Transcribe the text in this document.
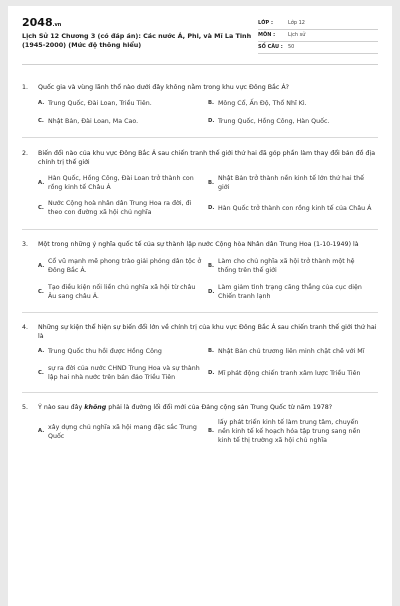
2048.vn
Lịch Sử 12 Chương 3 (có đáp án): Các nước Á, Phi, và Mĩ La Tinh (1945-2000) (Mức độ thông hiểu)
LỚP :	Lớp 12
MÔN :	Lịch sử
SỐ CÂU :	50
1.	Quốc gia và vùng lãnh thổ nào dưới đây không nằm trong khu vực Đông Bắc Á?
A. Trung Quốc, Đài Loan, Triều Tiên.	B. Mông Cổ, Ấn Độ, Thổ Nhĩ Kì.
C. Nhật Bản, Đài Loan, Ma Cao.	D. Trung Quốc, Hồng Công, Hàn Quốc.
2.	Biến đổi nào của khu vực Đông Bắc Á sau chiến tranh thế giới thứ hai đã góp phần làm thay đổi bản đồ địa chính trị thế giới
A.
Hàn Quốc, Hồng Công, Đài Loan trở thành con rồng kinh tế Châu Á
B.
Nhật Bản trở thành nền kinh tế lớn thứ hai thế giới
C.
Nước Cộng hoà nhân dân Trung Hoa ra đời, đi theo con đường xã hội chủ nghĩa
D. Hàn Quốc trở thành con rồng kinh tế của Châu Á
3.	Một trong những ý nghĩa quốc tế của sự thành lập nước Cộng hòa Nhân dân Trung Hoa (1-10-1949) là
A.
Cổ vũ mạnh mẽ phong trào giải phóng dân tộc ở Đông Bắc Á.
B.
Làm cho chủ nghĩa xã hội trở thành một hệ thống trên thế giới
C.
Tạo điều kiện nối liền chủ nghĩa xã hội từ châu Âu sang châu Á.
D.
Làm giảm tình trạng căng thẳng của cục diện Chiến tranh lạnh
4.	Những sự kiện thể hiện sự biến đổi lớn về chính trị của khu vực Đông Bắc Á sau chiến tranh thế giới thứ hai là
A. Trung Quốc thu hồi được Hồng Công	B. Nhật Bản chủ trương liên minh chặt chẽ với Mĩ
C.
sự ra đời của nước CHND Trung Hoa và sự thành lập hai nhà nước trên bán đảo Triều Tiên
D. Mĩ phát động chiến tranh xâm lược Triều Tiên
5.	Ý nào sau đây không phải là đường lối đổi mới của Đảng cộng sản Trung Quốc từ năm 1978?
A.
xây dựng chủ nghĩa xã hội mang đặc sắc Trung Quốc
B.
lấy phát triển kinh tế làm trung tâm, chuyển nền kinh tế kế hoạch hóa tập trung sang nền kinh tế thị trường xã hội chủ nghĩa
